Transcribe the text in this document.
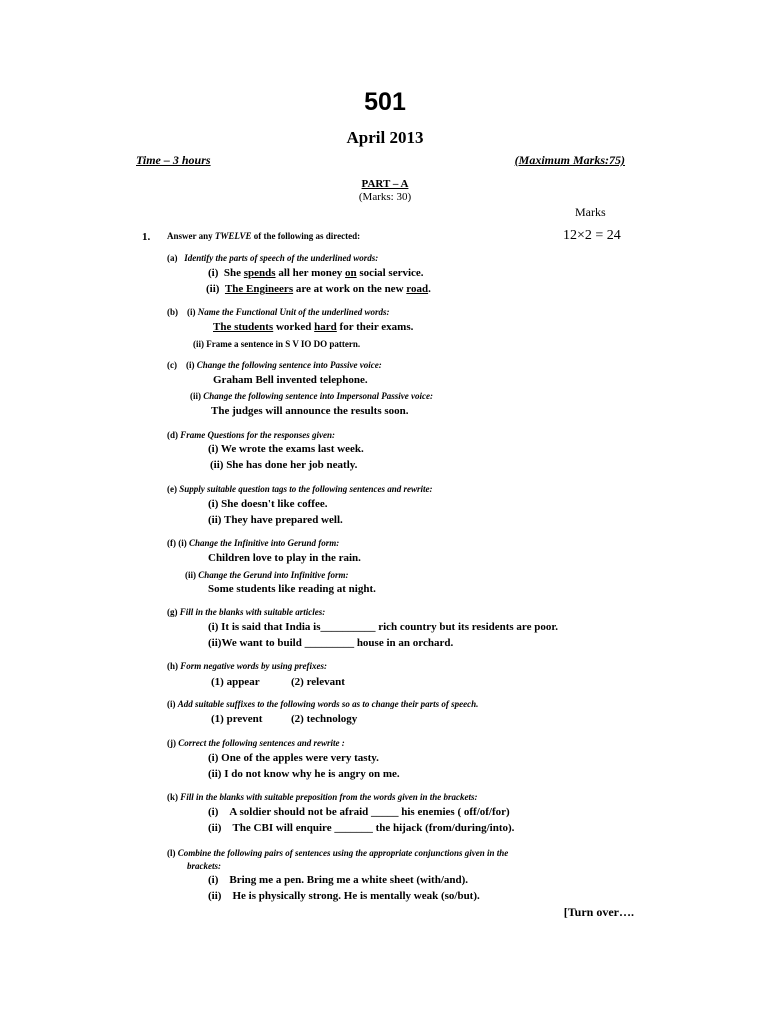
501
April 2013
Time – 3 hours	(Maximum Marks:75)
PART – A
(Marks: 30)
Marks
1. Answer any TWELVE of the following as directed:	12×2 = 24
(a) Identify the parts of speech of the underlined words:
(i) She spends all her money on social service.
(ii) The Engineers are at work on the new road.
(b) (i) Name the Functional Unit of the underlined words:
The students worked hard for their exams.
(ii) Frame a sentence in S V IO DO pattern.
(c) (i) Change the following sentence into Passive voice:
Graham Bell invented telephone.
(ii) Change the following sentence into Impersonal Passive voice:
The judges will announce the results soon.
(d) Frame Questions for the responses given:
(i) We wrote the exams last week.
(ii) She has done her job neatly.
(e) Supply suitable question tags to the following sentences and rewrite:
(i) She doesn't like coffee.
(ii) They have prepared well.
(f) (i) Change the Infinitive into Gerund form:
Children love to play in the rain.
(ii) Change the Gerund into Infinitive form:
Some students like reading at night.
(g) Fill in the blanks with suitable articles:
(i) It is said that India is__________ rich country but its residents are poor.
(ii)We want to build _________ house in an orchard.
(h) Form negative words by using prefixes:
(1) appear	(2) relevant
(i) Add suitable suffixes to the following words so as to change their parts of speech.
(1) prevent	(2) technology
(j) Correct the following sentences and rewrite :
(i) One of the apples were very tasty.
(ii) I do not know why he is angry on me.
(k) Fill in the blanks with suitable preposition from the words given in the brackets:
(i) A soldier should not be afraid _____ his enemies ( off/of/for)
(ii) The CBI will enquire _______ the hijack (from/during/into).
(l) Combine the following pairs of sentences using the appropriate conjunctions given in the
brackets:
(i) Bring me a pen. Bring me a white sheet (with/and).
(ii) He is physically strong. He is mentally weak (so/but).
[Turn over….
